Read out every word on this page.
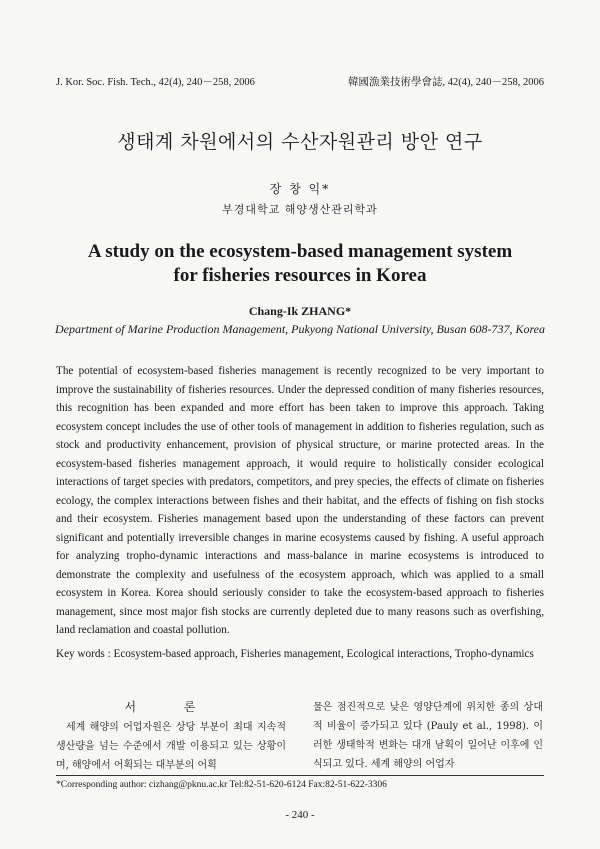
J. Kor. Soc. Fish. Tech., 42(4), 240－258, 2006	韓國漁業技術學會誌, 42(4), 240－258, 2006
생태계 차원에서의 수산자원관리 방안 연구
장 창 익*
부경대학교 해양생산관리학과
A study on the ecosystem-based management system
for fisheries resources in Korea
Chang-Ik ZHANG*
Department of Marine Production Management, Pukyong National University, Busan 608-737, Korea
The potential of ecosystem-based fisheries management is recently recognized to be very important to improve the sustainability of fisheries resources. Under the depressed condition of many fisheries resources, this recognition has been expanded and more effort has been taken to improve this approach. Taking ecosystem concept includes the use of other tools of management in addition to fisheries regulation, such as stock and productivity enhancement, provision of physical structure, or marine protected areas. In the ecosystem-based fisheries management approach, it would require to holistically consider ecological interactions of target species with predators, competitors, and prey species, the effects of climate on fisheries ecology, the complex interactions between fishes and their habitat, and the effects of fishing on fish stocks and their ecosystem. Fisheries management based upon the understanding of these factors can prevent significant and potentially irreversible changes in marine ecosystems caused by fishing. A useful approach for analyzing tropho-dynamic interactions and mass-balance in marine ecosystems is introduced to demonstrate the complexity and usefulness of the ecosystem approach, which was applied to a small ecosystem in Korea. Korea should seriously consider to take the ecosystem-based approach to fisheries management, since most major fish stocks are currently depleted due to many reasons such as overfishing, land reclamation and coastal pollution.
Key words : Ecosystem-based approach, Fisheries management, Ecological interactions, Tropho-dynamics
서 론

세계 해양의 어업자원은 상당 부분이 최대 지속적 생산량을 넘는 수준에서 개발 이용되고 있는 상황이며, 해양에서 어획되는 대부분의 어획

물은 점진적으로 낮은 영양단계에 위치한 종의 상대적 비율이 증가되고 있다 (Pauly et al., 1998). 이러한 생태학적 변화는 대개 남획이 일어난 이후에 인식되고 있다. 세계 해양의 어업자

*Corresponding author: cizhang@pknu.ac.kr Tel:82-51-620-6124 Fax:82-51-622-3306
- 240 -
